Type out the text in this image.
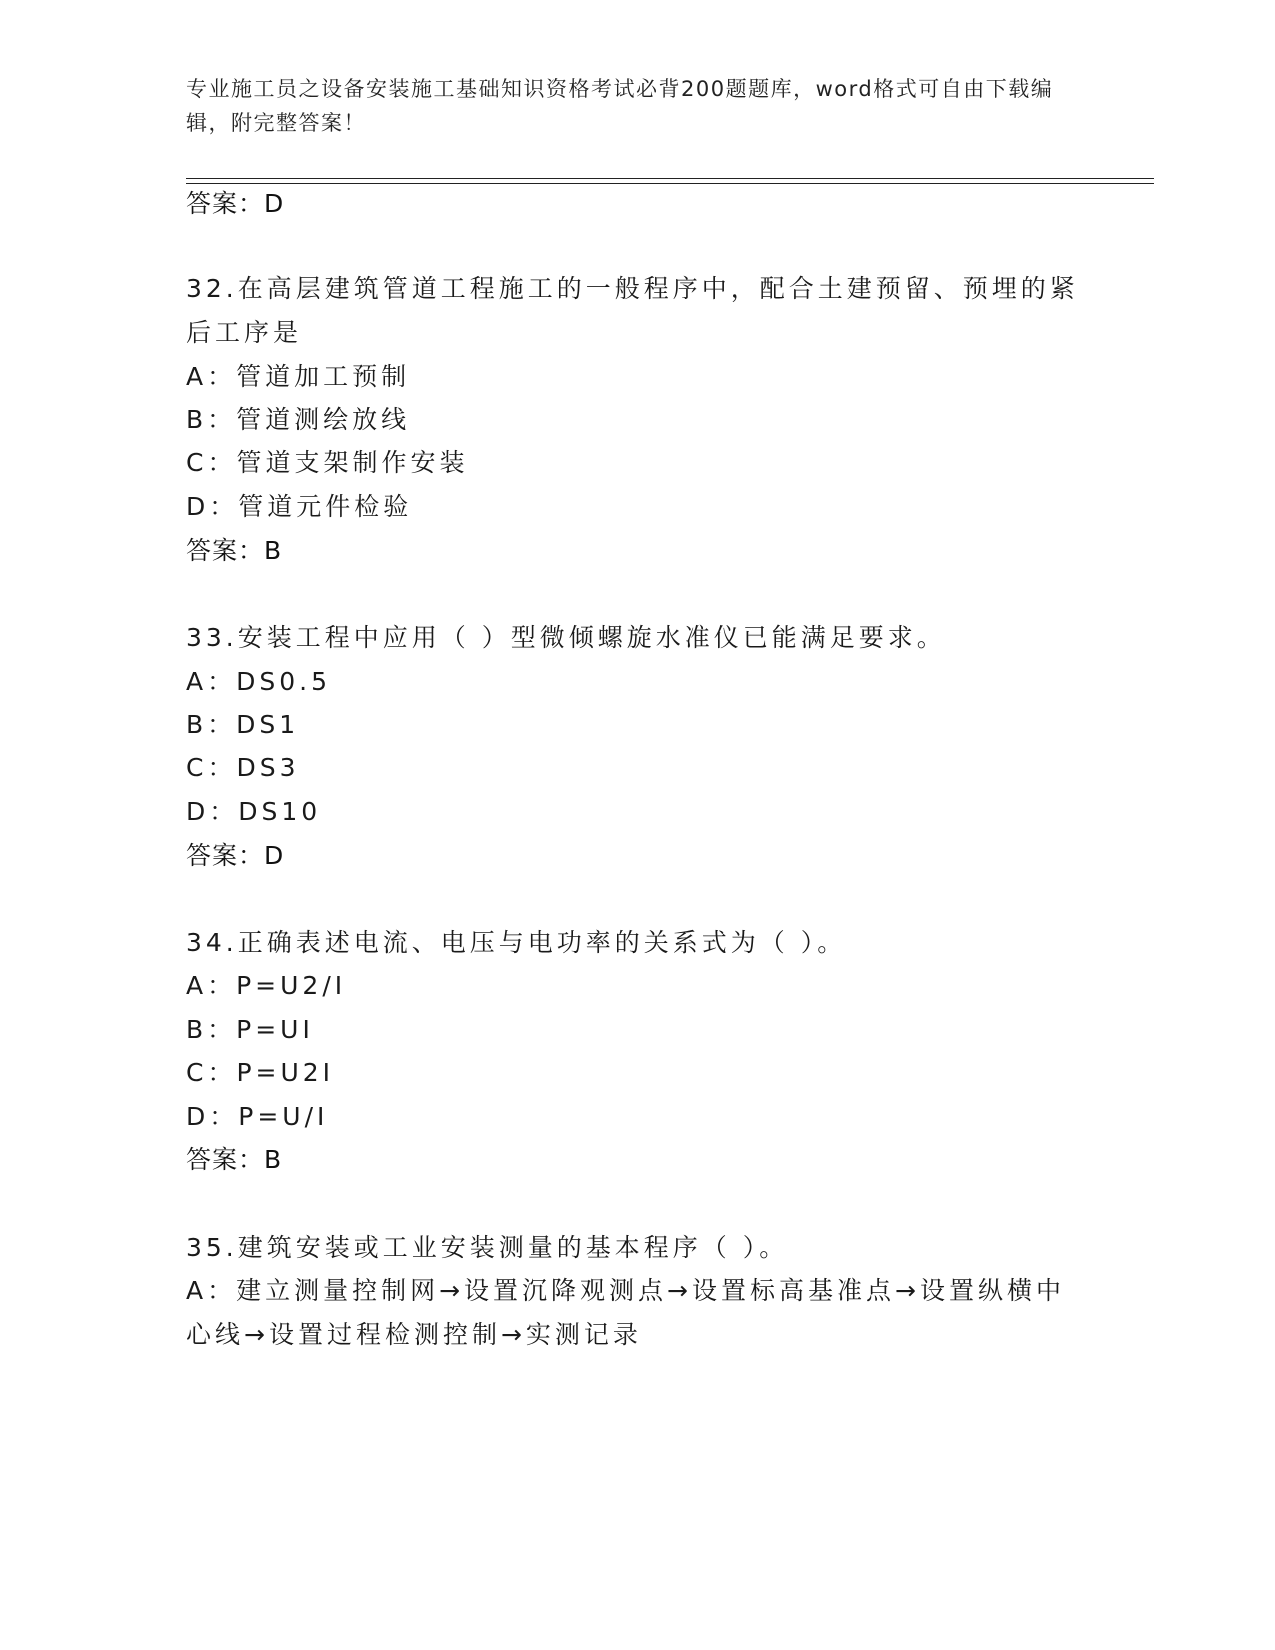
专业施工员之设备安装施工基础知识资格考试必背200题题库，word格式可自由下载编辑，附完整答案！
答案：D
32.在高层建筑管道工程施工的一般程序中，配合土建预留、预埋的紧后工序是
A：管道加工预制
B：管道测绘放线
C：管道支架制作安装
D：管道元件检验
答案：B
33.安装工程中应用（ ）型微倾螺旋水准仪已能满足要求。
A：DS0.5
B：DS1
C：DS3
D：DS10
答案：D
34.正确表述电流、电压与电功率的关系式为（ ）。
A：P=U2/I
B：P=UI
C：P=U2I
D：P=U/I
答案：B
35.建筑安装或工业安装测量的基本程序（ ）。
A：建立测量控制网→设置沉降观测点→设置标高基准点→设置纵横中心线→设置过程检测控制→实测记录
